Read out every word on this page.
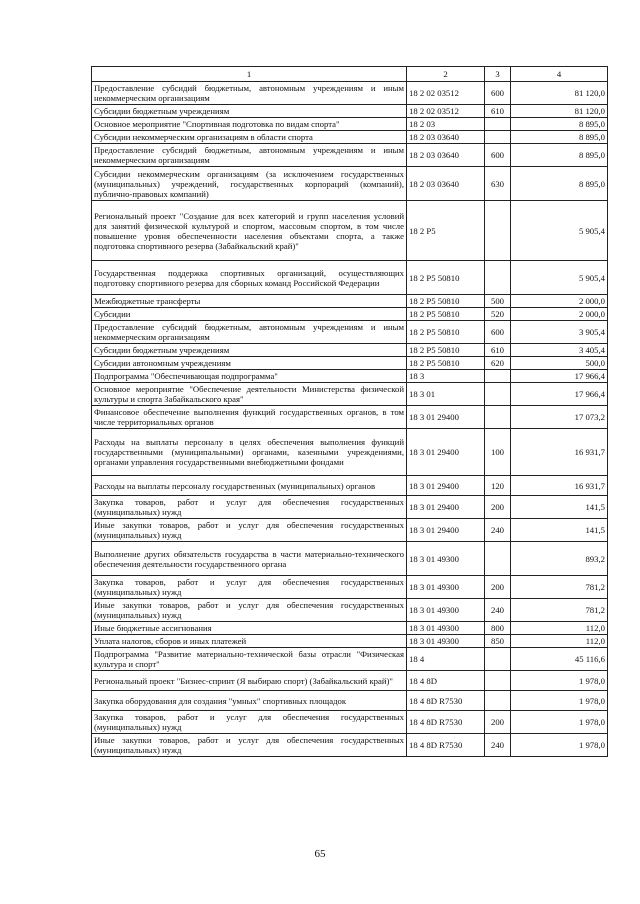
1	2	3	4
Предоставление субсидий бюджетным, автономным учреждениям и иным некоммерческим организациям	18 2 02 03512	600	81 120,0
Субсидии бюджетным учреждениям	18 2 02 03512	610	81 120,0
Основное мероприятие "Спортивная подготовка по видам спорта"	18 2 03		8 895,0
Субсидии некоммерческим организациям в области спорта	18 2 03 03640		8 895,0
Предоставление субсидий бюджетным, автономным учреждениям и иным некоммерческим организациям	18 2 03 03640	600	8 895,0
Субсидии некоммерческим организациям (за исключением государственных (муниципальных) учреждений, государственных корпораций (компаний), публично-правовых компаний)	18 2 03 03640	630	8 895,0
Региональный проект "Создание для всех категорий и групп населения условий для занятий физической культурой и спортом, массовым спортом, в том числе повышение уровня обеспеченности населения объектами спорта, а также подготовка спортивного резерва (Забайкальский край)"	18 2 Р5		5 905,4
Государственная поддержка спортивных организаций, осуществляющих подготовку спортивного резерва для сборных команд Российской Федерации	18 2 Р5 50810		5 905,4
Межбюджетные трансферты	18 2 Р5 50810	500	2 000,0
Субсидии	18 2 Р5 50810	520	2 000,0
Предоставление субсидий бюджетным, автономным учреждениям и иным некоммерческим организациям	18 2 Р5 50810	600	3 905,4
Субсидии бюджетным учреждениям	18 2 Р5 50810	610	3 405,4
Субсидии автономным учреждениям	18 2 Р5 50810	620	500,0
Подпрограмма "Обеспечивающая подпрограмма"	18 3		17 966,4
Основное мероприятие "Обеспечение деятельности Министерства физической культуры и спорта Забайкальского края"	18 3 01		17 966,4
Финансовое обеспечение выполнения функций государственных органов, в том числе территориальных органов	18 3 01 29400		17 073,2
Расходы на выплаты персоналу в целях обеспечения выполнения функций государственными (муниципальными) органами, казенными учреждениями, органами управления государственными внебюджетными фондами	18 3 01 29400	100	16 931,7
Расходы на выплаты персоналу государственных (муниципальных) органов	18 3 01 29400	120	16 931,7
Закупка товаров, работ и услуг для обеспечения государственных (муниципальных) нужд	18 3 01 29400	200	141,5
Иные закупки товаров, работ и услуг для обеспечения государственных (муниципальных) нужд	18 3 01 29400	240	141,5
Выполнение других обязательств государства в части материально-технического обеспечения деятельности государственного органа	18 3 01 49300		893,2
Закупка товаров, работ и услуг для обеспечения государственных (муниципальных) нужд	18 3 01 49300	200	781,2
Иные закупки товаров, работ и услуг для обеспечения государственных (муниципальных) нужд	18 3 01 49300	240	781,2
Иные бюджетные ассигнования	18 3 01 49300	800	112,0
Уплата налогов, сборов и иных платежей	18 3 01 49300	850	112,0
Подпрограмма "Развитие материально-технической базы отрасли "Физическая культура и спорт"	18 4		45 116,6
Региональный проект "Бизнес-спринт (Я выбираю спорт) (Забайкальский край)"	18 4 8D		1 978,0
Закупка оборудования для создания "умных" спортивных площадок	18 4 8D R7530		1 978,0
Закупка товаров, работ и услуг для обеспечения государственных (муниципальных) нужд	18 4 8D R7530	200	1 978,0
Иные закупки товаров, работ и услуг для обеспечения государственных (муниципальных) нужд	18 4 8D R7530	240	1 978,0
65
